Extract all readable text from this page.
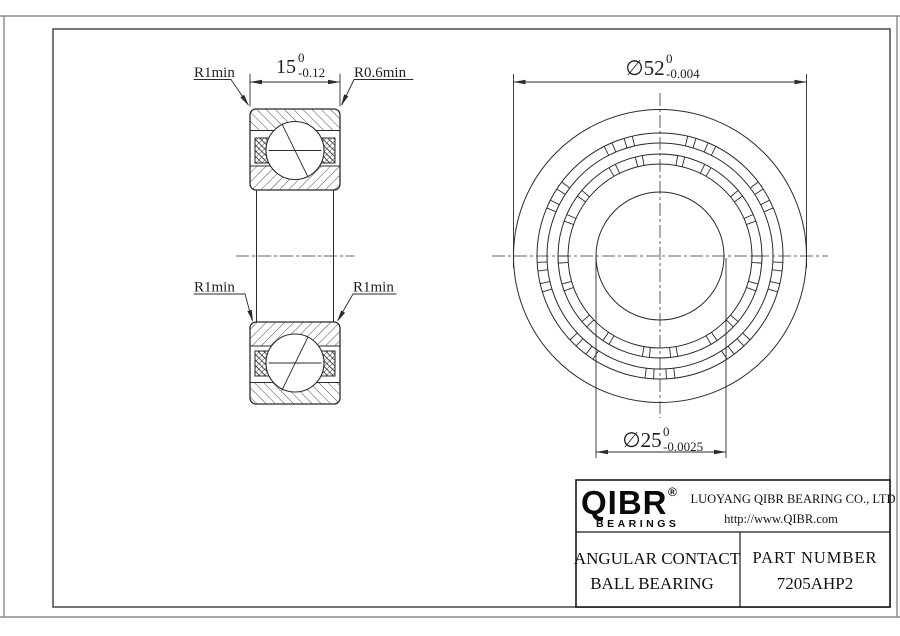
15 0
-0.12
R1min	R0.6min
R1min	R1min
∅52 0
-0.004
∅25 0
-0.0025
QIBR ®
BEARINGS
LUOYANG QIBR BEARING CO., LTD
http://www.QIBR.com
ANGULAR CONTACT
BALL BEARING
PART NUMBER
7205AHP2
